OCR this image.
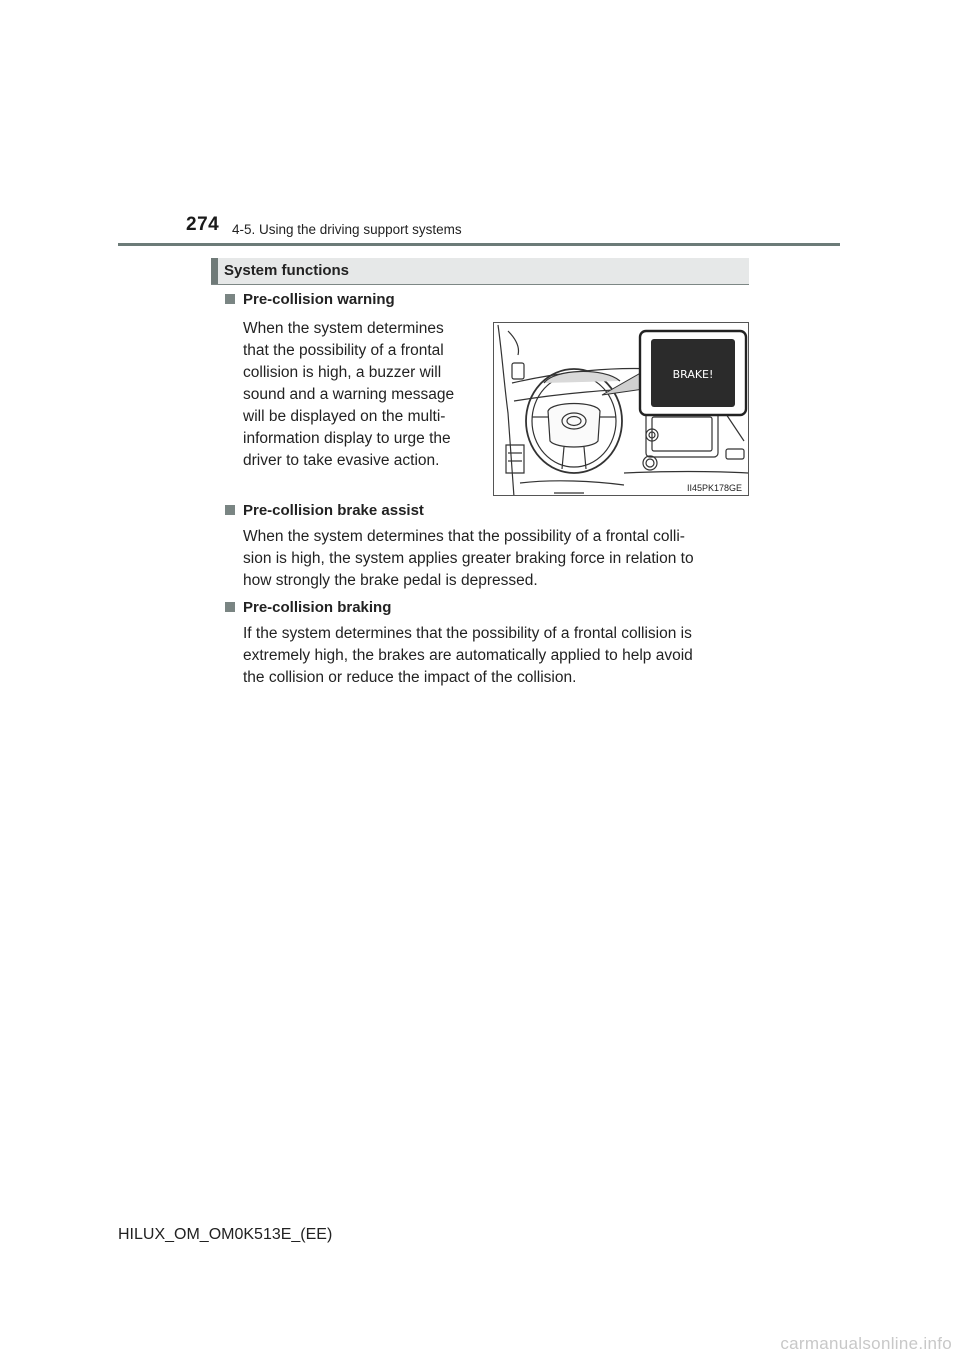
274 4-5. Using the driving support systems
System functions
Pre-collision warning
When the system determines
that the possibility of a frontal
collision is high, a buzzer will
sound and a warning message
will be displayed on the multi-
information display to urge the
driver to take evasive action.
BRAKE!
II45PK178GE
Pre-collision brake assist
When the system determines that the possibility of a frontal colli-
sion is high, the system applies greater braking force in relation to
how strongly the brake pedal is depressed.
Pre-collision braking
If the system determines that the possibility of a frontal collision is
extremely high, the brakes are automatically applied to help avoid
the collision or reduce the impact of the collision.
HILUX_OM_OM0K513E_(EE)
carmanualsonline.info
